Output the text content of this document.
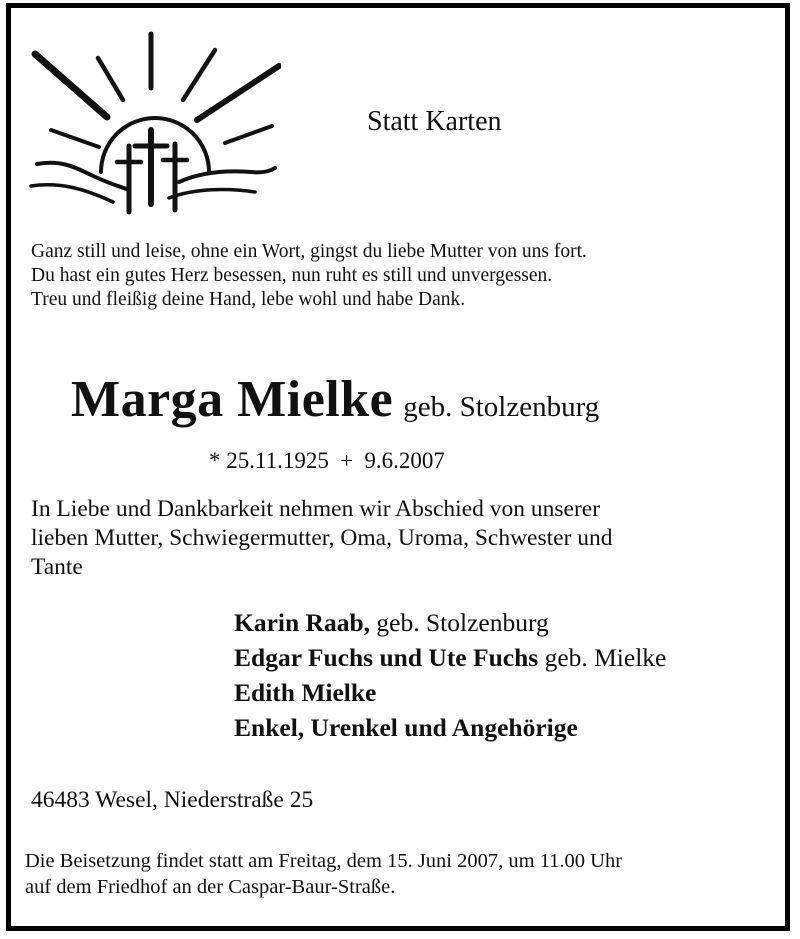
Statt Karten
Ganz still und leise, ohne ein Wort, gingst du liebe Mutter von uns fort.
Du hast ein gutes Herz besessen, nun ruht es still und unvergessen.
Treu und fleißig deine Hand, lebe wohl und habe Dank.
Marga Mielke geb. Stolzenburg
* 25.11.1925 + 9.6.2007
In Liebe und Dankbarkeit nehmen wir Abschied von unserer
lieben Mutter, Schwiegermutter, Oma, Uroma, Schwester und
Tante
Karin Raab, geb. Stolzenburg
Edgar Fuchs und Ute Fuchs geb. Mielke
Edith Mielke
Enkel, Urenkel und Angehörige
46483 Wesel, Niederstraße 25
Die Beisetzung findet statt am Freitag, dem 15. Juni 2007, um 11.00 Uhr
auf dem Friedhof an der Caspar-Baur-Straße.
